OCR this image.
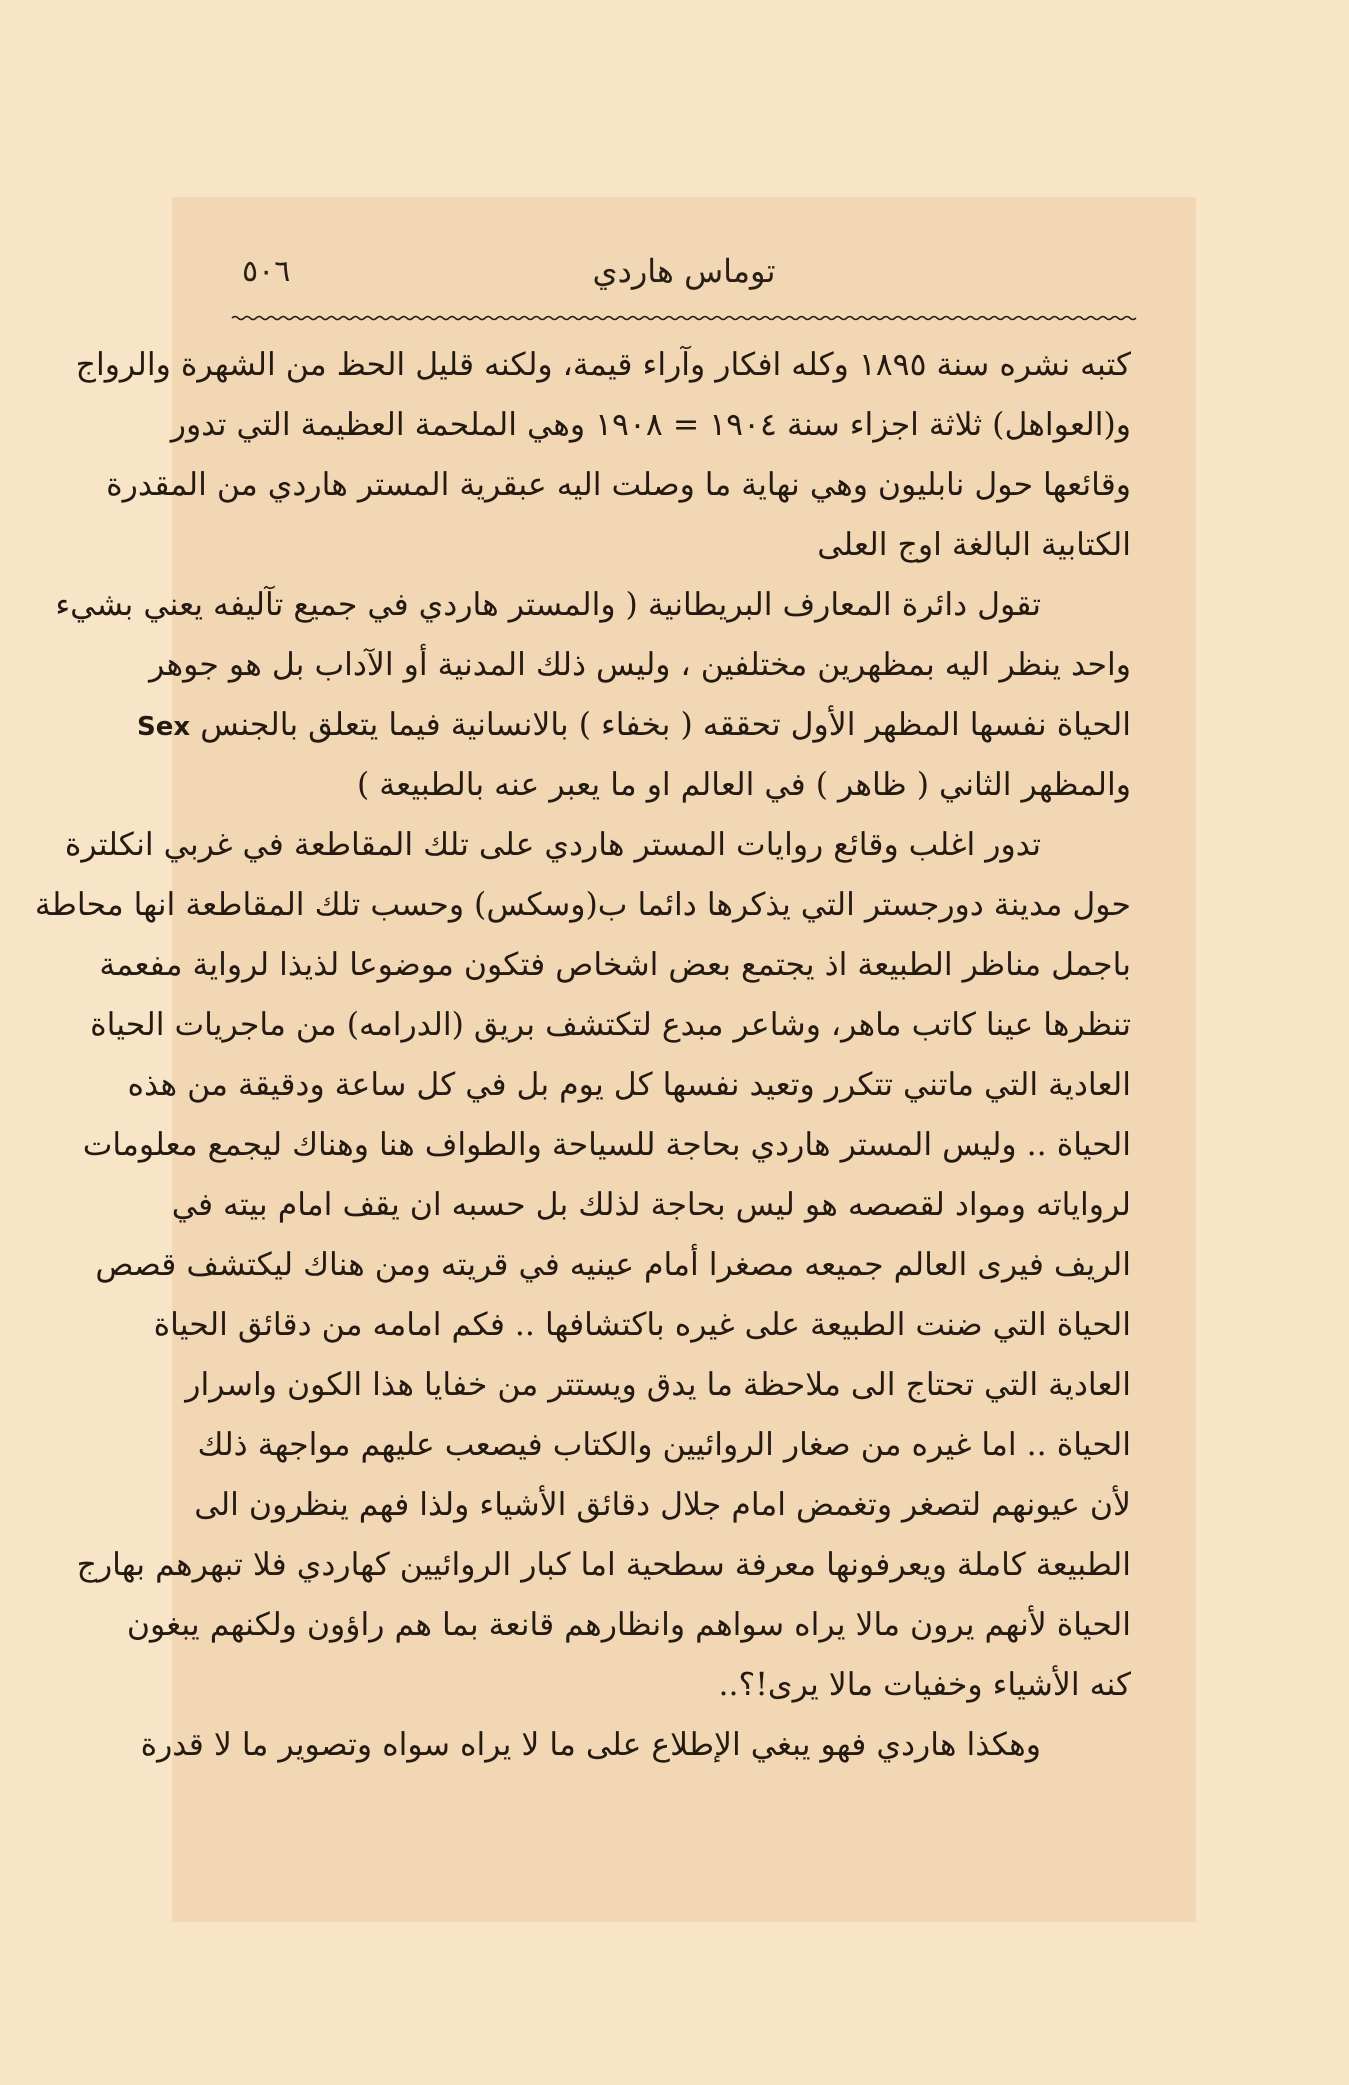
توماس هاردي
٥٠٦
كتبه نشره سنة ١٨٩٥ وكله افكار وآراء قيمة، ولكنه قليل الحظ من الشهرة والرواج
و(العواهل) ثلاثة اجزاء سنة ١٩٠٤ = ١٩٠٨ وهي الملحمة العظيمة التي تدور
وقائعها حول نابليون وهي نهاية ما وصلت اليه عبقرية المستر هاردي من المقدرة
الكتابية البالغة اوج العلى
تقول دائرة المعارف البريطانية ( والمستر هاردي في جميع تآليفه يعني بشيء
واحد ينظر اليه بمظهرين مختلفين ، وليس ذلك المدنية أو الآداب بل هو جوهر
الحياة نفسها المظهر الأول تحققه ( بخفاء ) بالانسانية فيما يتعلق بالجنس Sex
والمظهر الثاني ( ظاهر ) في العالم او ما يعبر عنه بالطبيعة )
تدور اغلب وقائع روايات المستر هاردي على تلك المقاطعة في غربي انكلترة
حول مدينة دورجستر التي يذكرها دائما ب(وسكس) وحسب تلك المقاطعة انها محاطة
باجمل مناظر الطبيعة اذ يجتمع بعض اشخاص فتكون موضوعا لذيذا لرواية مفعمة
تنظرها عينا كاتب ماهر، وشاعر مبدع لتكتشف بريق (الدرامه) من ماجريات الحياة
العادية التي ماتني تتكرر وتعيد نفسها كل يوم بل في كل ساعة ودقيقة من هذه
الحياة .. وليس المستر هاردي بحاجة للسياحة والطواف هنا وهناك ليجمع معلومات
لرواياته ومواد لقصصه هو ليس بحاجة لذلك بل حسبه ان يقف امام بيته في
الريف فيرى العالم جميعه مصغرا أمام عينيه في قريته ومن هناك ليكتشف قصص
الحياة التي ضنت الطبيعة على غيره باكتشافها .. فكم امامه من دقائق الحياة
العادية التي تحتاج الى ملاحظة ما يدق ويستتر من خفايا هذا الكون واسرار
الحياة .. اما غيره من صغار الروائيين والكتاب فيصعب عليهم مواجهة ذلك
لأن عيونهم لتصغر وتغمض امام جلال دقائق الأشياء ولذا فهم ينظرون الى
الطبيعة كاملة ويعرفونها معرفة سطحية اما كبار الروائيين كهاردي فلا تبهرهم بهارج
الحياة لأنهم يرون مالا يراه سواهم وانظارهم قانعة بما هم راؤون ولكنهم يبغون
كنه الأشياء وخفيات مالا يرى!؟..
وهكذا هاردي فهو يبغي الإطلاع على ما لا يراه سواه وتصوير ما لا قدرة
